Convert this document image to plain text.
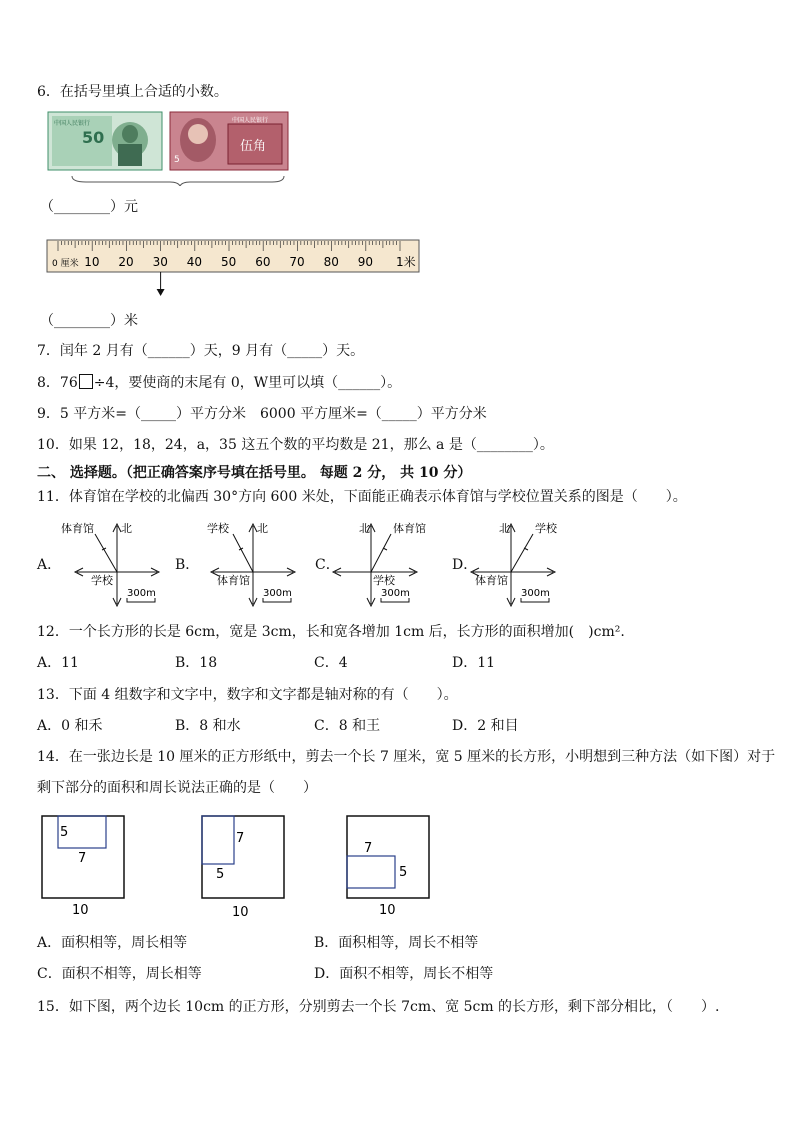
6．在括号里填上合适的小数。
50
中国人民银行	中国人民银行
伍角
5
（________）元
0 厘米 10 20 30 40 50 60 70 80 90 1米
（________）米
7．闰年 2 月有（______）天，9 月有（_____）天。
8．76 ÷4，要使商的末尾有 0，W里可以填（______）。
9．5 平方米=（_____）平方分米　6000 平方厘米=（_____）平方分米
10．如果 12，18，24，a，35 这五个数的平均数是 21，那么 a 是（________）。
二、 选择题。（把正确答案序号填在括号里。 每题 2 分， 共 10 分）
11．体育馆在学校的北偏西 30°方向 600 米处，下面能正确表示体育馆与学校位置关系的图是（　　）。
A．
体育馆 北
学校
300m
B．
学校	北
体育馆
300m
C．
体育馆
北
学校
300m
D．
学校
北
体育馆
300m
12．一个长方形的长是 6cm，宽是 3cm，长和宽各增加 1cm 后，长方形的面积增加(　)cm².
A．11	B．18	C．4	D．11
13．下面 4 组数字和文字中，数字和文字都是轴对称的有（　　）。
A．0 和禾	B．8 和水	C．8 和王	D．2 和目
14．在一张边长是 10 厘米的正方形纸中，剪去一个长 7 厘米，宽 5 厘米的长方形，小明想到三种方法（如下图）对于
剩下部分的面积和周长说法正确的是（　　）
5
7
10
7
5
10
7
5
10
A．面积相等，周长相等	B．面积相等，周长不相等
C．面积不相等，周长相等	D．面积不相等，周长不相等
15．如下图，两个边长 10cm 的正方形，分别剪去一个长 7cm、宽 5cm 的长方形，剩下部分相比，（　　）.
